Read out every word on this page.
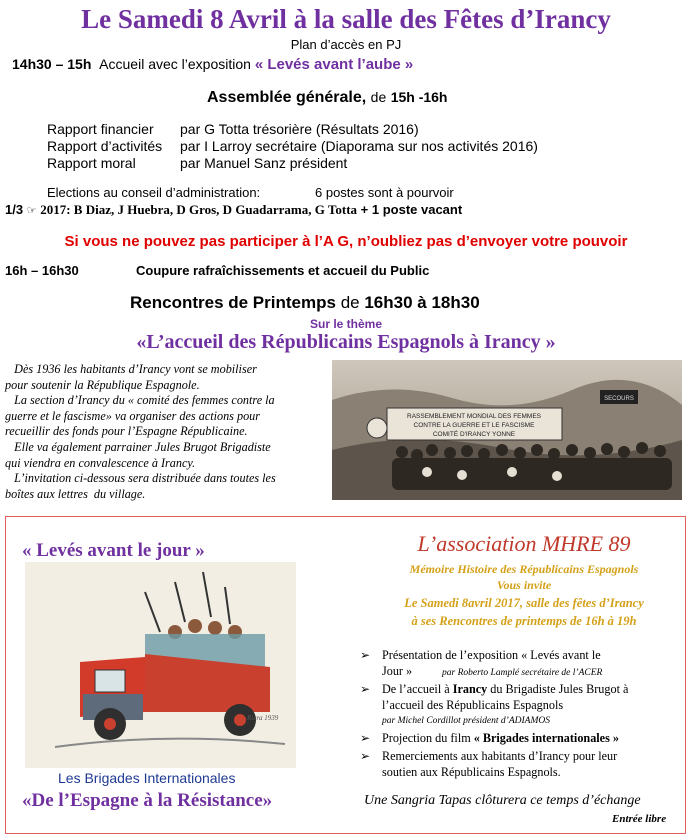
Le Samedi 8 Avril à la salle des Fêtes d’Irancy
Plan d’accès en PJ
14h30 – 15h Accueil avec l’exposition « Levés avant l’aube »
Assemblée générale, de 15h -16h
Rapport financier par G Totta trésorière (Résultats 2016)
Rapport d’activités par I Larroy secrétaire (Diaporama sur nos activités 2016)
Rapport moral	par Manuel Sanz président
Elections au conseil d’administration:	6 postes sont à pourvoir
1/3 ☞ 2017: B Diaz, J Huebra, D Gros, D Guadarrama, G Totta + 1 poste vacant
Si vous ne pouvez pas participer à l’A G, n’oubliez pas d’envoyer votre pouvoir
16h – 16h30	Coupure rafraîchissements et accueil du Public
Rencontres de Printemps de 16h30 à 18h30
Sur le thème
«L’accueil des Républicains Espagnols à Irancy »
Dès 1936 les habitants d’Irancy vont se mobiliser
pour soutenir la République Espagnole.
La section d’Irancy du « comité des femmes contre la
guerre et le fascisme» va organiser des actions pour
recueillir des fonds pour l’Espagne Républicaine.
Elle va également parrainer Jules Brugot Brigadiste
qui viendra en convalescence à Irancy.
L’invitation ci-dessous sera distribuée dans toutes les
boîtes aux lettres  du village.
RASSEMBLEMENT MONDIAL DES FEMMES
CONTRE LA GUERRE ET LE FASCISME
COMITÉ D'IRANCY YONNE
SECOURS
« Levés avant le jour »
Riera 1939
Les Brigades Internationales
«De l’Espagne à la Résistance»
L’association MHRE 89
Mémoire Histoire des Républicains Espagnols
Vous invite
Le Samedi 8avril 2017, salle des fêtes d’Irancy
à ses Rencontres de printemps de 16h à 19h
➢ Présentation de l’exposition « Levés avant le
Jour »	par Roberto Lamplé secrétaire de l’ACER
➢ De l’accueil à Irancy du Brigadiste Jules Brugot à
l’accueil des Républicains Espagnols
par Michel Cordillot président d’ADIAMOS
➢ Projection du film « Brigades internationales »
➢ Remerciements aux habitants d’Irancy pour leur
soutien aux Républicains Espagnols.
Une Sangria Tapas clôturera ce temps d’échange
Entrée libre
